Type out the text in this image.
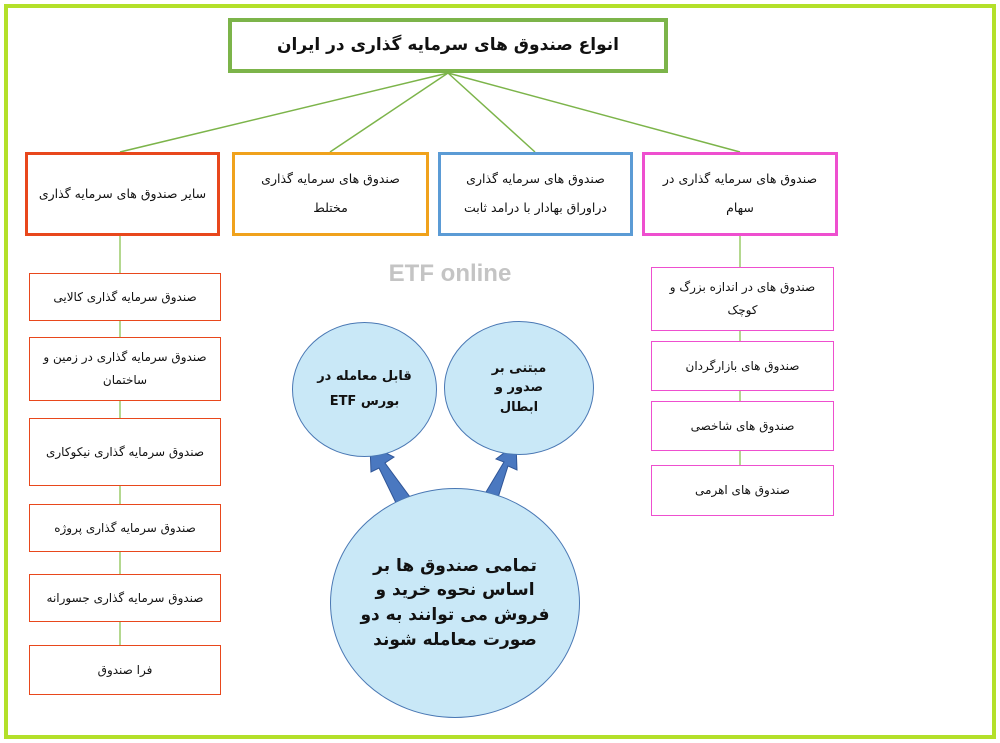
انواع صندوق های سرمایه گذاری در ایران
سایر صندوق های سرمایه گذاری
صندوق های سرمایه گذاری مختلط
صندوق های سرمایه گذاری دراوراق بهادار با درامد ثابت
صندوق های سرمایه گذاری در سهام
ETF online
صندوق سرمایه گذاری کالایی
صندوق سرمایه گذاری در زمین و ساختمان
صندوق سرمایه گذاری نیکوکاری
صندوق سرمایه گذاری پروژه
صندوق سرمایه گذاری جسورانه
فرا صندوق
صندوق های در اندازه بزرگ و کوچک
صندوق های بازارگردان
صندوق های شاخصی
صندوق های اهرمی
قابل معامله در بورس ETF
مبتنی بر صدور و ابطال
تمامی صندوق ها بر اساس نحوه خرید و فروش می توانند به دو صورت معامله شوند
